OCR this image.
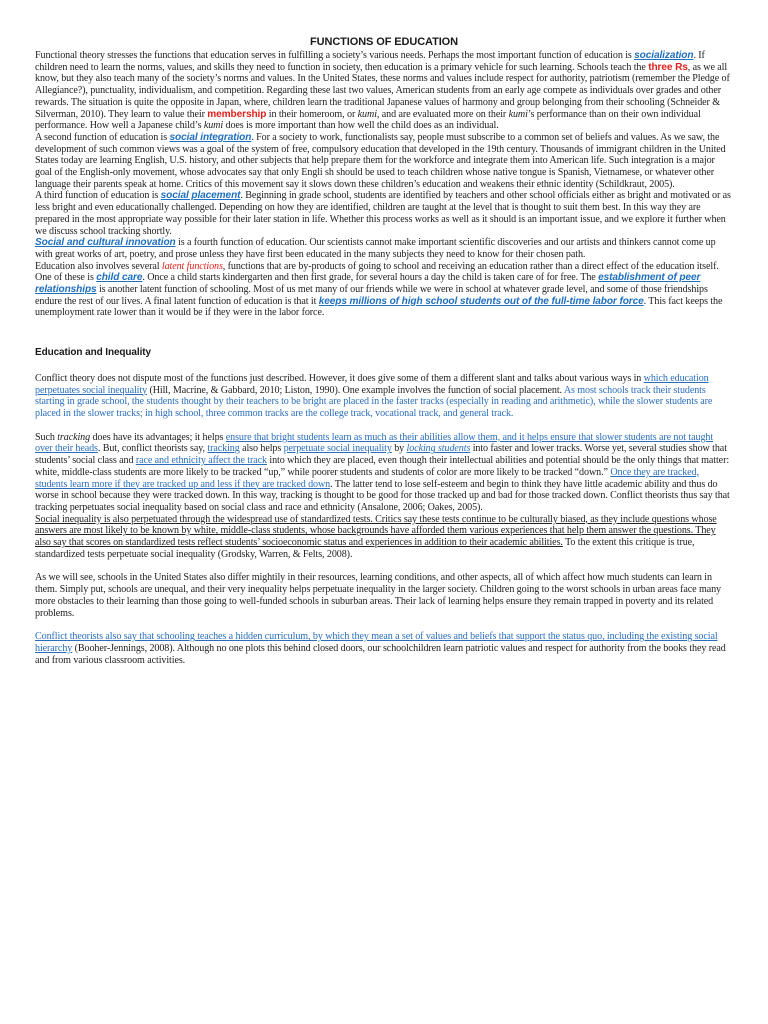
FUNCTIONS OF EDUCATION

Functional theory stresses the functions that education serves in fulfilling a society’s various needs. Perhaps the most important function of education is socialization. If children need to learn the norms, values, and skills they need to function in society, then education is a primary vehicle for such learning. Schools teach the three Rs, as we all know, but they also teach many of the society’s norms and values. In the United States, these norms and values include respect for authority, patriotism (remember the Pledge of Allegiance?), punctuality, individualism, and competition. Regarding these last two values, American students from an early age compete as individuals over grades and other rewards. The situation is quite the opposite in Japan, where, children learn the traditional Japanese values of harmony and group belonging from their schooling (Schneider & Silverman, 2010). They learn to value their membership in their homeroom, or kumi, and are evaluated more on their kumi’s performance than on their own individual performance. How well a Japanese child’s kumi does is more important than how well the child does as an individual.

A second function of education is social integration. For a society to work, functionalists say, people must subscribe to a common set of beliefs and values. As we saw, the development of such common views was a goal of the system of free, compulsory education that developed in the 19th century. Thousands of immigrant children in the United States today are learning English, U.S. history, and other subjects that help prepare them for the workforce and integrate them into American life. Such integration is a major goal of the English-only movement, whose advocates say that only Engli sh should be used to teach children whose native tongue is Spanish, Vietnamese, or whatever other language their parents speak at home. Critics of this movement say it slows down these children’s education and weakens their ethnic identity (Schildkraut, 2005).

A third function of education is social placement. Beginning in grade school, students are identified by teachers and other school officials either as bright and motivated or as less bright and even educationally challenged. Depending on how they are identified, children are taught at the level that is thought to suit them best. In this way they are prepared in the most appropriate way possible for their later station in life. Whether this process works as well as it should is an important issue, and we explore it further when we discuss school tracking shortly.

Social and cultural innovation is a fourth function of education. Our scientists cannot make important scientific discoveries and our artists and thinkers cannot come up with great works of art, poetry, and prose unless they have first been educated in the many subjects they need to know for their chosen path.

Education also involves several latent functions, functions that are by-products of going to school and receiving an education rather than a direct effect of the education itself. One of these is child care. Once a child starts kindergarten and then first grade, for several hours a day the child is taken care of for free. The establishment of peer relationships is another latent function of schooling. Most of us met many of our friends while we were in school at whatever grade level, and some of those friendships endure the rest of our lives. A final latent function of education is that it keeps millions of high school students out of the full-time labor force. This fact keeps the unemployment rate lower than it would be if they were in the labor force.

Education and Inequality

Conflict theory does not dispute most of the functions just described. However, it does give some of them a different slant and talks about various ways in which education perpetuates social inequality (Hill, Macrine, & Gabbard, 2010; Liston, 1990). One example involves the function of social placement. As most schools track their students starting in grade school, the students thought by their teachers to be bright are placed in the faster tracks (especially in reading and arithmetic), while the slower students are placed in the slower tracks; in high school, three common tracks are the college track, vocational track, and general track.

Such tracking does have its advantages; it helps ensure that bright students learn as much as their abilities allow them, and it helps ensure that slower students are not taught over their heads. But, conflict theorists say, tracking also helps perpetuate social inequality by locking students into faster and lower tracks. Worse yet, several studies show that students’ social class and race and ethnicity affect the track into which they are placed, even though their intellectual abilities and potential should be the only things that matter: white, middle-class students are more likely to be tracked “up,” while poorer students and students of color are more likely to be tracked “down.” Once they are tracked, students learn more if they are tracked up and less if they are tracked down. The latter tend to lose self-esteem and begin to think they have little academic ability and thus do worse in school because they were tracked down. In this way, tracking is thought to be good for those tracked up and bad for those tracked down. Conflict theorists thus say that tracking perpetuates social inequality based on social class and race and ethnicity (Ansalone, 2006; Oakes, 2005).

Social inequality is also perpetuated through the widespread use of standardized tests. Critics say these tests continue to be culturally biased, as they include questions whose answers are most likely to be known by white, middle-class students, whose backgrounds have afforded them various experiences that help them answer the questions. They also say that scores on standardized tests reflect students’ socioeconomic status and experiences in addition to their academic abilities. To the extent this critique is true, standardized tests perpetuate social inequality (Grodsky, Warren, & Felts, 2008).

As we will see, schools in the United States also differ mightily in their resources, learning conditions, and other aspects, all of which affect how much students can learn in them. Simply put, schools are unequal, and their very inequality helps perpetuate inequality in the larger society. Children going to the worst schools in urban areas face many more obstacles to their learning than those going to well-funded schools in suburban areas. Their lack of learning helps ensure they remain trapped in poverty and its related problems.

Conflict theorists also say that schooling teaches a hidden curriculum, by which they mean a set of values and beliefs that support the status quo, including the existing social hierarchy (Booher-Jennings, 2008). Although no one plots this behind closed doors, our schoolchildren learn patriotic values and respect for authority from the books they read and from various classroom activities.
